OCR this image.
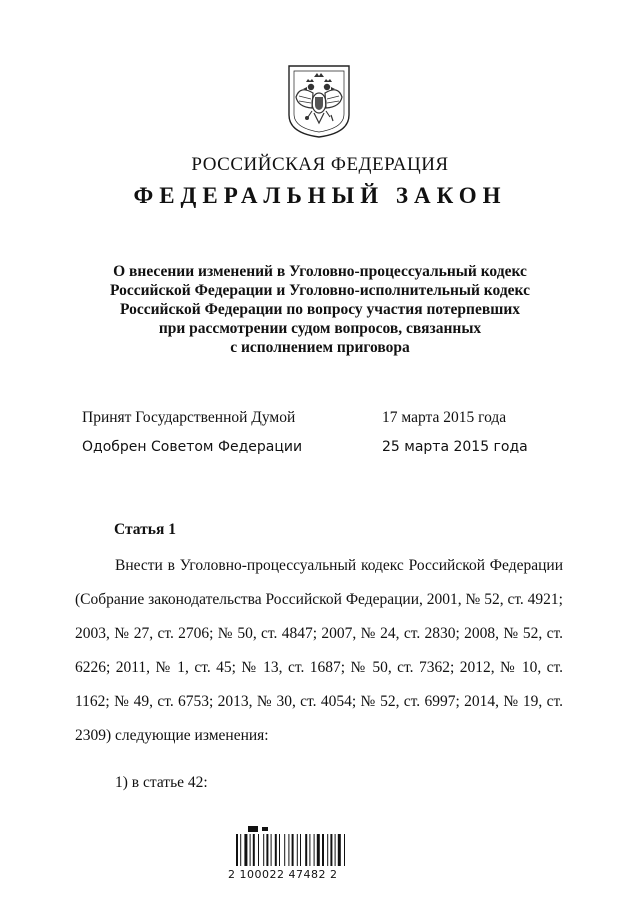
РОССИЙСКАЯ ФЕДЕРАЦИЯ
ФЕДЕРАЛЬНЫЙ ЗАКОН
О внесении изменений в Уголовно-процессуальный кодекс
Российской Федерации и Уголовно-исполнительный кодекс
Российской Федерации по вопросу участия потерпевших
при рассмотрении судом вопросов, связанных
с исполнением приговора
Принят Государственной Думой	17 марта 2015 года
Одобрен Советом Федерации	25 марта 2015 года
Статья 1
Внести в Уголовно-процессуальный кодекс Российской Федерации (Собрание законодательства Российской Федерации, 2001, № 52, ст. 4921; 2003, № 27, ст. 2706; № 50, ст. 4847; 2007, № 24, ст. 2830; 2008, № 52, ст. 6226; 2011, № 1, ст. 45; № 13, ст. 1687; № 50, ст. 7362; 2012, № 10, ст. 1162; № 49, ст. 6753; 2013, № 30, ст. 4054; № 52, ст. 6997; 2014, № 19, ст. 2309) следующие изменения:
1) в статье 42:
2 100022 47482 2
